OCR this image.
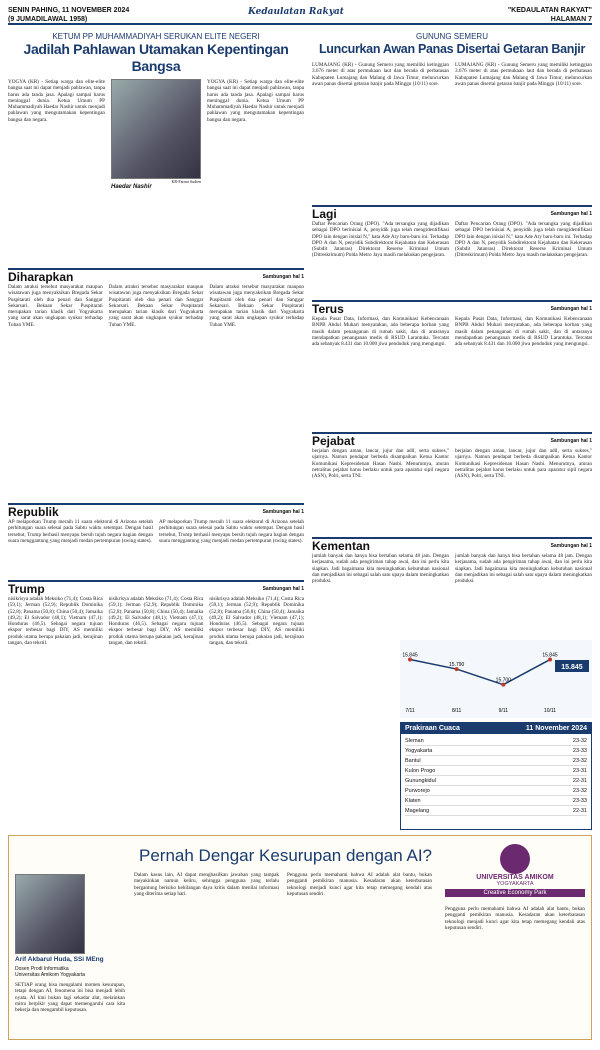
SENIN PAHING, 11 NOVEMBER 2024
(9 JUMADILAWAL 1958)
Kedaulatan Rakyat	"KEDAULATAN RAKYAT"
HALAMAN 7
KETUM PP MUHAMMADIYAH SERUKAN ELITE NEGERI
Jadilah Pahlawan Utamakan Kepentingan Bangsa
YOGYA (KR) - Setiap warga dan elite-elite bangsa saat ini dapat menjadi pahlawan, tanpa harus ada tanda jasa. Apalagi sampai harus meninggal dunia. Ketua Umum PP Muhammadiyah Haedar Nashir untuk menjadi pahlawan yang mengutamakan kepentingan bangsa dan negara.
KR-Fatimi Sudien
Haedar Nashir
YOGYA (KR) - Setiap warga dan elite-elite bangsa saat ini dapat menjadi pahlawan, tanpa harus ada tanda jasa. Apalagi sampai harus meninggal dunia. Ketua Umum PP Muhammadiyah Haedar Nashir untuk menjadi pahlawan yang mengutamakan kepentingan bangsa dan negara.
GUNUNG SEMERU
Luncurkan Awan Panas Disertai Getaran Banjir
LUMAJANG (KR) - Gunung Semeru yang memiliki ketinggian 3.676 meter di atas permukaan laut dan berada di perbatasan Kabupaten Lumajang dan Malang di Jawa Timur, meluncurkan awan panas disertai getaran banjir pada Minggu (10/11) sore.
LUMAJANG (KR) - Gunung Semeru yang memiliki ketinggian 3.676 meter di atas permukaan laut dan berada di perbatasan Kabupaten Lumajang dan Malang di Jawa Timur, meluncurkan awan panas disertai getaran banjir pada Minggu (10/11) sore.
Lagi	Sambungan hal 1
Daftar Pencarian Orang (DPO). "Ada tersangka yang dijadikan sebagai DPO berinisial A, penyidik juga telah mengidentifikasi DPO lain dengan inisial N," kata Ade Ary baru-baru ini. Terhadap DPO A dan N, penyidik Subdirektorat Kejahatan dan Kekerasan (Subdit Jatanras) Direktorat Reserse Kriminal Umum (Ditreskrimum) Polda Metro Jaya masih melakukan pengejaran.
Daftar Pencarian Orang (DPO). "Ada tersangka yang dijadikan sebagai DPO berinisial A, penyidik juga telah mengidentifikasi DPO lain dengan inisial N," kata Ade Ary baru-baru ini. Terhadap DPO A dan N, penyidik Subdirektorat Kejahatan dan Kekerasan (Subdit Jatanras) Direktorat Reserse Kriminal Umum (Ditreskrimum) Polda Metro Jaya masih melakukan pengejaran.
Terus	Sambungan hal 1
Kepala Pusat Data, Informasi, dan Komunikasi Kebencanaan BNPB Abdul Muhari menyatakan, ada beberapa korban yang masih dalam penanganan di rumah sakit, dan di antaranya mendapatkan penanganan medis di RSUD Larantuka. Tercatat ada sebanyak 8.431 dan 10.000 jiwa penduduk yang mengungsi.
Kepala Pusat Data, Informasi, dan Komunikasi Kebencanaan BNPB Abdul Muhari menyatakan, ada beberapa korban yang masih dalam penanganan di rumah sakit, dan di antaranya mendapatkan penanganan medis di RSUD Larantuka. Tercatat ada sebanyak 8.431 dan 10.000 jiwa penduduk yang mengungsi.
Diharapkan	Sambungan hal 1
Dalam atraksi tersebut masyarakat maupun wisatawan juga menyaksikan Bregada Sekar Puspitarati oleh dua penari dan Sanggar Sekarsari. Bekaan Sekar Puspitarati merupakan tarian klasik dari Yogyakarta yang sarat akan ungkapan syukur terhadap Tuhan YME.
Dalam atraksi tersebut masyarakat maupun wisatawan juga menyaksikan Bregada Sekar Puspitarati oleh dua penari dan Sanggar Sekarsari. Bekaan Sekar Puspitarati merupakan tarian klasik dari Yogyakarta yang sarat akan ungkapan syukur terhadap Tuhan YME.
Dalam atraksi tersebut masyarakat maupun wisatawan juga menyaksikan Bregada Sekar Puspitarati oleh dua penari dan Sanggar Sekarsari. Bekaan Sekar Puspitarati merupakan tarian klasik dari Yogyakarta yang sarat akan ungkapan syukur terhadap Tuhan YME.
Pejabat	Sambungan hal 1
berjalan dengan aman, lancar, jujur dan adil, serta sukses," ujarnya. Namun pendapat berbeda disampaikan Ketua Kantor Komunikasi Kepresidenan Hasan Nasbi. Menurutnya, aturan netralitas pejabat harus berlaku untuk para aparatur sipil negara (ASN), Polri, serta TNI.
berjalan dengan aman, lancar, jujur dan adil, serta sukses," ujarnya. Namun pendapat berbeda disampaikan Ketua Kantor Komunikasi Kepresidenan Hasan Nasbi. Menurutnya, aturan netralitas pejabat harus berlaku untuk para aparatur sipil negara (ASN), Polri, serta TNI.
Republik	Sambungan hal 1
AP melaporkan Trump meraih 11 suara elektoral di Arizona setelah perhitungan suara selesai pada Sabtu waktu setempat. Dengan hasil tersebut, Trump berhasil menyapu bersih tujuh negara bagian dengan suara menggantung yang menjadi medan pertempuran (swing states).
AP melaporkan Trump meraih 11 suara elektoral di Arizona setelah perhitungan suara selesai pada Sabtu waktu setempat. Dengan hasil tersebut, Trump berhasil menyapu bersih tujuh negara bagian dengan suara menggantung yang menjadi medan pertempuran (swing states). Kementan	Sambungan hal 1
jumlah banyak dan hanya bisa bertahan selama 48 jam. Dengan kerjasama, sudah ada pengiriman tahap awal, dan ini perlu kita siapkan. Jadi bagaimana kita meningkatkan kebutuhan nasional dan menjadikan ini sebagai salah satu upaya dalam meningkatkan produksi.
jumlah banyak dan hanya bisa bertahan selama 48 jam. Dengan kerjasama, sudah ada pengiriman tahap awal, dan ini perlu kita siapkan. Jadi bagaimana kita meningkatkan kebutuhan nasional dan menjadikan ini sebagai salah satu upaya dalam meningkatkan produksi.
Trump	Sambungan hal 1
nisikrisya adalah Meksiko (71,4); Costa Rica (59,1); Jerman (52,9); Republik Dominika (52,8); Panama (50,8); China (50,4); Jamaika (49,2); El Salvador (48,1); Vietnam (47,1); Honduras (46,5). Sebagai negara tujuan ekspor terbesar bagi DIY, AS memiliki produk utama berupa pakaian jadi, kerajinan tangan, dan tekstil.
nisikrisya adalah Meksiko (71,4); Costa Rica (59,1); Jerman (52,9); Republik Dominika (52,8); Panama (50,8); China (50,4); Jamaika (49,2); El Salvador (48,1); Vietnam (47,1); Honduras (46,5). Sebagai negara tujuan ekspor terbesar bagi DIY, AS memiliki produk utama berupa pakaian jadi, kerajinan tangan, dan tekstil.
nisikrisya adalah Meksiko (71,4); Costa Rica (59,1); Jerman (52,9); Republik Dominika (52,8); Panama (50,8); China (50,4); Jamaika (49,2); El Salvador (48,1); Vietnam (47,1); Honduras (46,5). Sebagai negara tujuan ekspor terbesar bagi DIY, AS memiliki produk utama berupa pakaian jadi, kerajinan tangan, dan tekstil.
15.845
7/11
15.790
8/11
15.700
9/11
15.845
10/11
15.845
Prakiraan Cuaca	11 November 2024
Sleman	23-32
Yogyakarta	23-33
Bantul	23-32
Kulon Progo	23-31
Gunungkidul	22-31
Purworejo	23-32
Klaten	23-33
Magelang	22-31
Pernah Dengar Kesurupan dengan AI?
Arif Akbarul Huda, SSi MEng
Dosen Prodi Informatika
Universitas Amikom Yogyakarta
SETIAP orang bisa mengalami momen kesurupan, tetapi dengan AI, fenomena ini bisa menjadi lebih nyata. AI kini bukan lagi sekadar alat, melainkan mitra berpikir yang dapat memengaruhi cara kita bekerja dan mengambil keputusan.
Dalam kasus lain, AI dapat menghasilkan jawaban yang tampak meyakinkan namun keliru, sehingga pengguna yang terlalu bergantung berisiko kehilangan daya kritis dalam menilai informasi yang diterima setiap hari.
Pengguna perlu memahami bahwa AI adalah alat bantu, bukan pengganti pemikiran manusia. Kesadaran akan keterbatasan teknologi menjadi kunci agar kita tetap memegang kendali atas keputusan sendiri.
UNIVERSITAS AMIKOM
YOGYAKARTA
Creative Economy Park
Pengguna perlu memahami bahwa AI adalah alat bantu, bukan pengganti pemikiran manusia. Kesadaran akan keterbatasan teknologi menjadi kunci agar kita tetap memegang kendali atas keputusan sendiri.
